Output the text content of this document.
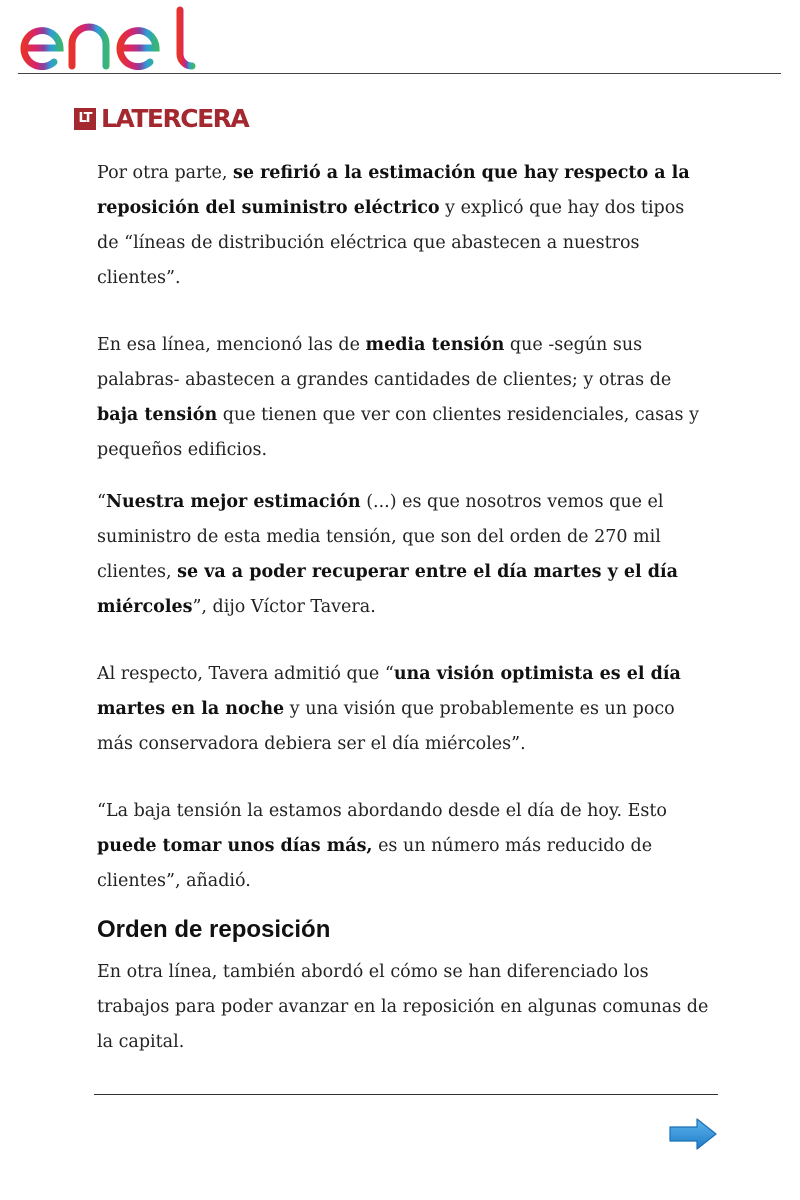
LT LATERCERA

Por otra parte, se refirió a la estimación que hay respecto a la reposición del suministro eléctrico y explicó que hay dos tipos de “líneas de distribución eléctrica que abastecen a nuestros clientes”.

En esa línea, mencionó las de media tensión que -según sus palabras- abastecen a grandes cantidades de clientes; y otras de baja tensión que tienen que ver con clientes residenciales, casas y pequeños edificios.

“Nuestra mejor estimación (...) es que nosotros vemos que el suministro de esta media tensión, que son del orden de 270 mil clientes, se va a poder recuperar entre el día martes y el día miércoles”, dijo Víctor Tavera.

Al respecto, Tavera admitió que “una visión optimista es el día martes en la noche y una visión que probablemente es un poco más conservadora debiera ser el día miércoles”.

“La baja tensión la estamos abordando desde el día de hoy. Esto puede tomar unos días más, es un número más reducido de clientes”, añadió.

Orden de reposición

En otra línea, también abordó el cómo se han diferenciado los trabajos para poder avanzar en la reposición en algunas comunas de la capital.
